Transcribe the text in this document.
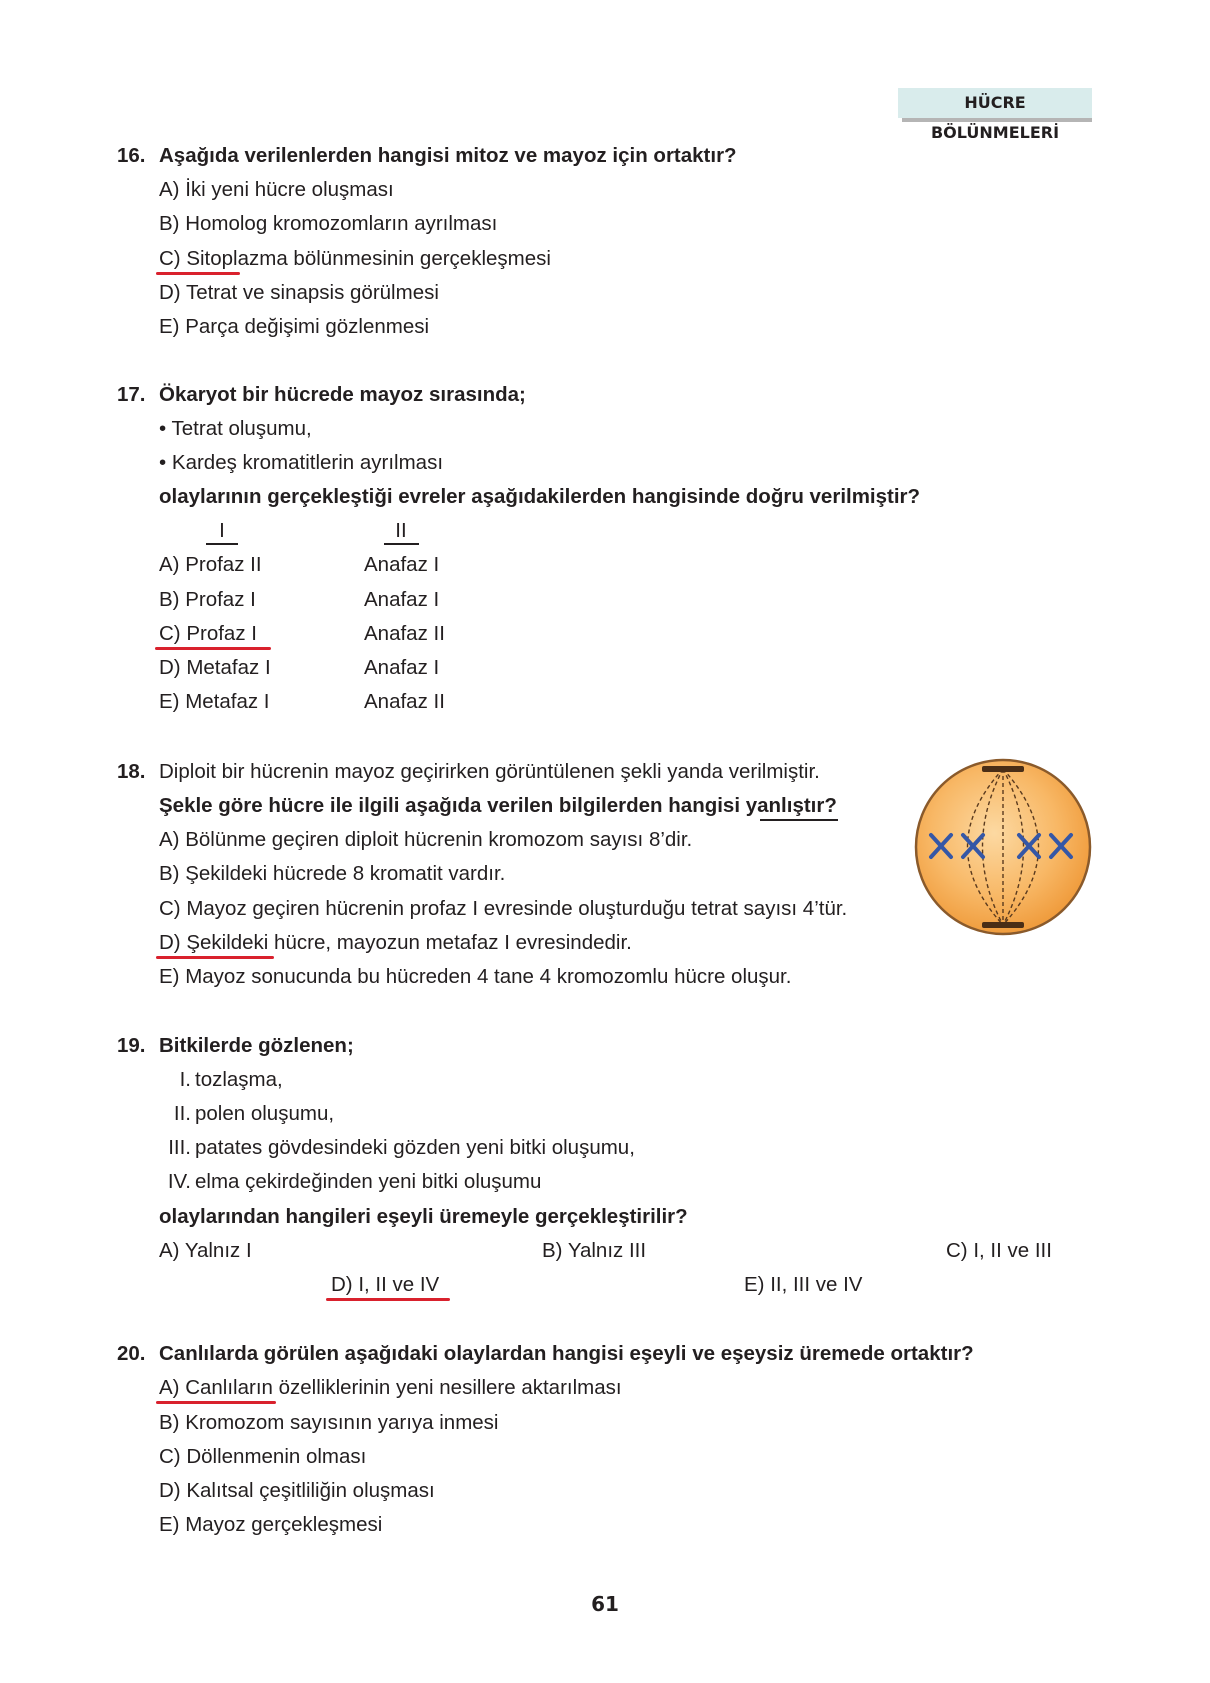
HÜCRE BÖLÜNMELERİ
16. Aşağıda verilenlerden hangisi mitoz ve mayoz için ortaktır?
A) İki yeni hücre oluşması
B) Homolog kromozomların ayrılması
C) Sitoplazma bölünmesinin gerçekleşmesi
D) Tetrat ve sinapsis görülmesi
E) Parça değişimi gözlenmesi
17. Ökaryot bir hücrede mayoz sırasında;
• Tetrat oluşumu,
• Kardeş kromatitlerin ayrılması
olaylarının gerçekleştiği evreler aşağıdakilerden hangisinde doğru verilmiştir?
I	II
A) Profaz II	Anafaz I
B) Profaz I	Anafaz I
C) Profaz I	Anafaz II
D) Metafaz I	Anafaz I
E) Metafaz I	Anafaz II
18. Diploit bir hücrenin mayoz geçirirken görüntülenen şekli yanda verilmiştir.
Şekle göre hücre ile ilgili aşağıda verilen bilgilerden hangisi yanlıştır?
A) Bölünme geçiren diploit hücrenin kromozom sayısı 8’dir.
B) Şekildeki hücrede 8 kromatit vardır.
C) Mayoz geçiren hücrenin profaz I evresinde oluşturduğu tetrat sayısı 4’tür.
D) Şekildeki hücre, mayozun metafaz I evresindedir.
E) Mayoz sonucunda bu hücreden 4 tane 4 kromozomlu hücre oluşur.
19. Bitkilerde gözlenen;
I. tozlaşma,
II. polen oluşumu,
III. patates gövdesindeki gözden yeni bitki oluşumu,
IV. elma çekirdeğinden yeni bitki oluşumu
olaylarından hangileri eşeyli üremeyle gerçekleştirilir?
A) Yalnız I	B) Yalnız III	C) I, II ve III
D) I, II ve IV	E) II, III ve IV
20. Canlılarda görülen aşağıdaki olaylardan hangisi eşeyli ve eşeysiz üremede ortaktır?
A) Canlıların özelliklerinin yeni nesillere aktarılması
B) Kromozom sayısının yarıya inmesi
C) Döllenmenin olması
D) Kalıtsal çeşitliliğin oluşması
E) Mayoz gerçekleşmesi
61
